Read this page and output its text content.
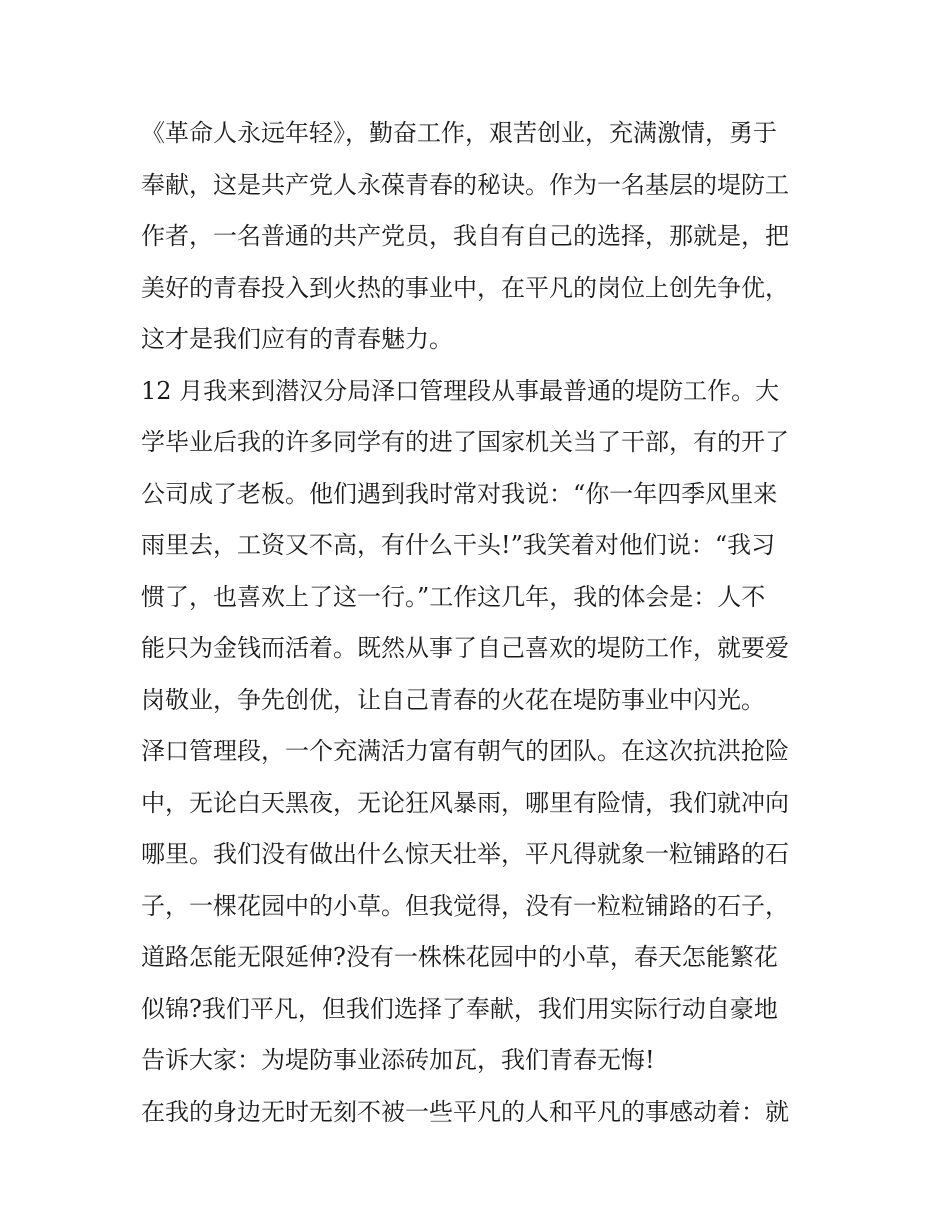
《革命人永远年轻》，勤奋工作，艰苦创业，充满激情，勇于
奉献，这是共产党人永葆青春的秘诀。作为一名基层的堤防工
作者，一名普通的共产党员，我自有自己的选择，那就是，把
美好的青春投入到火热的事业中，在平凡的岗位上创先争优，
这才是我们应有的青春魅力。
12 月我来到潜汉分局泽口管理段从事最普通的堤防工作。大
学毕业后我的许多同学有的进了国家机关当了干部，有的开了
公司成了老板。他们遇到我时常对我说：“你一年四季风里来
雨里去，工资又不高，有什么干头!”我笑着对他们说：“我习
惯了，也喜欢上了这一行。”工作这几年，我的体会是：人不
能只为金钱而活着。既然从事了自己喜欢的堤防工作，就要爱
岗敬业，争先创优，让自己青春的火花在堤防事业中闪光。
泽口管理段，一个充满活力富有朝气的团队。在这次抗洪抢险
中，无论白天黑夜，无论狂风暴雨，哪里有险情，我们就冲向
哪里。我们没有做出什么惊天壮举，平凡得就象一粒铺路的石
子，一棵花园中的小草。但我觉得，没有一粒粒铺路的石子，
道路怎能无限延伸?没有一株株花园中的小草，春天怎能繁花
似锦?我们平凡，但我们选择了奉献，我们用实际行动自豪地
告诉大家：为堤防事业添砖加瓦，我们青春无悔!
在我的身边无时无刻不被一些平凡的人和平凡的事感动着：就
